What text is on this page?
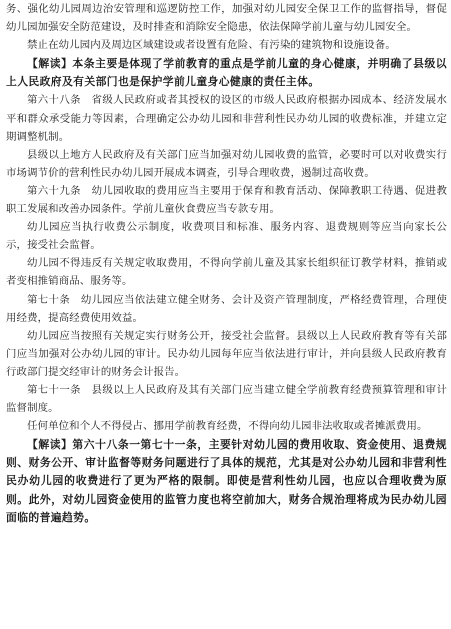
务、强化幼儿园周边治安管理和巡逻防控工作，加强对幼儿园安全保卫工作的监督指导，督促幼儿园加强安全防范建设，及时排查和消除安全隐患，依法保障学前儿童与幼儿园安全。

禁止在幼儿园内及周边区域建设或者设置有危险、有污染的建筑物和设施设备。

【解读】本条主要是体现了学前教育的重点是学前儿童的身心健康，并明确了县级以上人民政府及有关部门也是保护学前儿童身心健康的责任主体。

第六十八条　省级人民政府或者其授权的设区的市级人民政府根据办园成本、经济发展水平和群众承受能力等因素，合理确定公办幼儿园和非营利性民办幼儿园的收费标准，并建立定期调整机制。

县级以上地方人民政府及有关部门应当加强对幼儿园收费的监管，必要时可以对收费实行市场调节价的营利性民办幼儿园开展成本调查，引导合理收费，遏制过高收费。

第六十九条　幼儿园收取的费用应当主要用于保育和教育活动、保障教职工待遇、促进教职工发展和改善办园条件。学前儿童伙食费应当专款专用。

幼儿园应当执行收费公示制度，收费项目和标准、服务内容、退费规则等应当向家长公示，接受社会监督。

幼儿园不得违反有关规定收取费用，不得向学前儿童及其家长组织征订教学材料，推销或者变相推销商品、服务等。

第七十条　幼儿园应当依法建立健全财务、会计及资产管理制度，严格经费管理，合理使用经费，提高经费使用效益。

幼儿园应当按照有关规定实行财务公开，接受社会监督。县级以上人民政府教育等有关部门应当加强对公办幼儿园的审计。民办幼儿园每年应当依法进行审计，并向县级人民政府教育行政部门提交经审计的财务会计报告。

第七十一条　县级以上人民政府及其有关部门应当建立健全学前教育经费预算管理和审计监督制度。

任何单位和个人不得侵占、挪用学前教育经费，不得向幼儿园非法收取或者摊派费用。

【解读】第六十八条一第七十一条，主要针对幼儿园的费用收取、资金使用、退费规则、财务公开、审计监督等财务问题进行了具体的规范，尤其是对公办幼儿园和非营利性民办幼儿园的收费进行了更为严格的限制。即使是营利性幼儿园，也应以合理收费为原则。此外，对幼儿园资金使用的监管力度也将空前加大，财务合规治理将成为民办幼儿园面临的普遍趋势。
